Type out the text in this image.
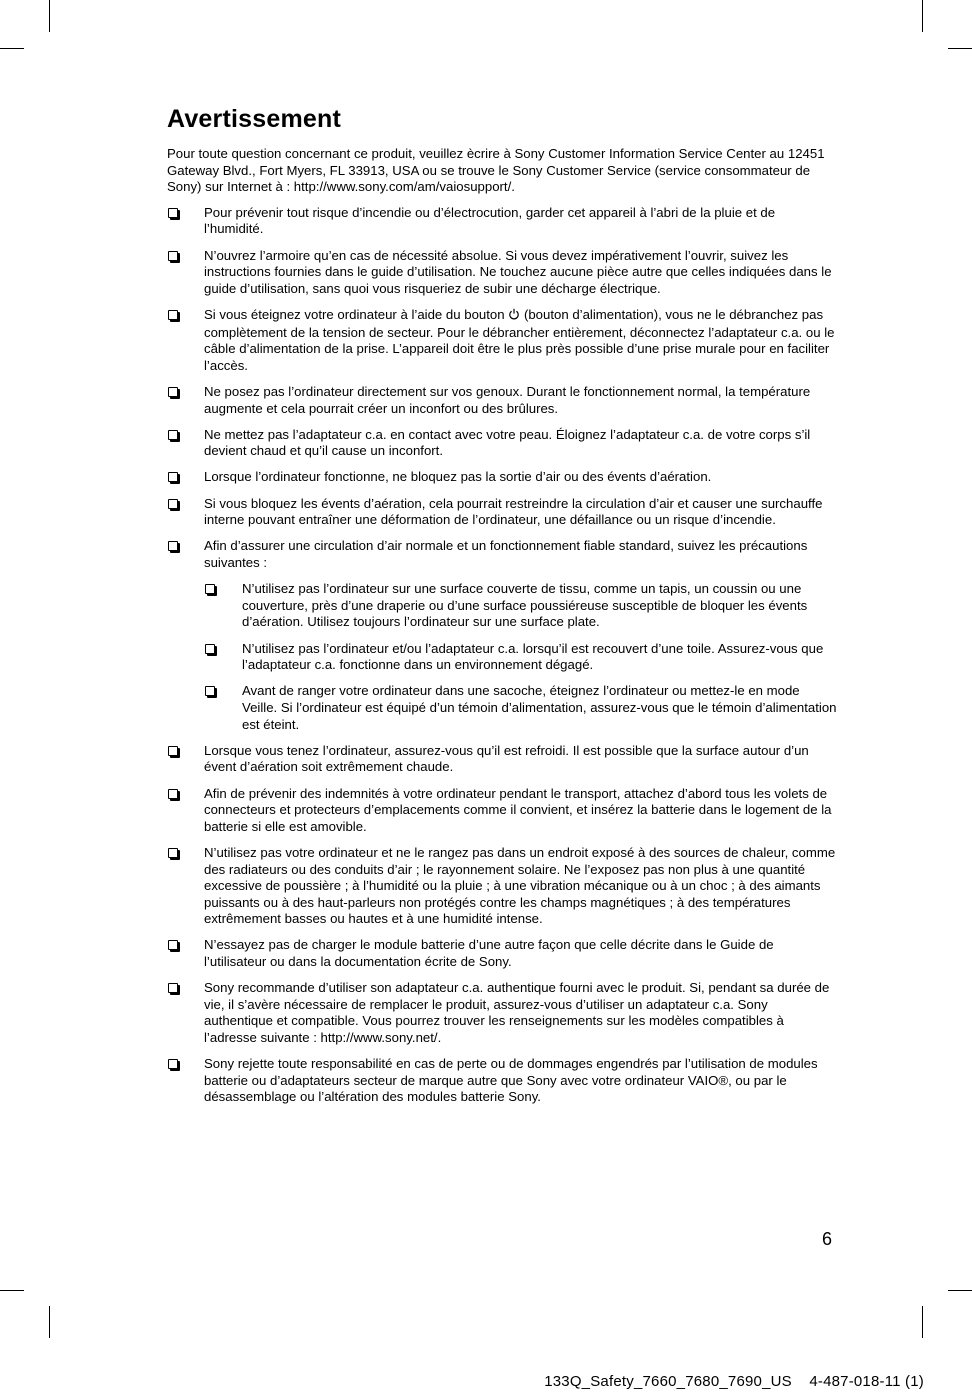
Avertissement

Pour toute question concernant ce produit, veuillez ècrire à Sony Customer Information Service Center au 12451 Gateway Blvd., Fort Myers, FL 33913, USA ou se trouve le Sony Customer Service (service consommateur de Sony) sur Internet à : http://www.sony.com/am/vaiosupport/.

Pour prévenir tout risque d’incendie ou d’électrocution, garder cet appareil à l’abri de la pluie et de l’humidité.
N’ouvrez l’armoire qu’en cas de nécessité absolue. Si vous devez impérativement l’ouvrir, suivez les instructions fournies dans le guide d’utilisation. Ne touchez aucune pièce autre que celles indiquées dans le guide d’utilisation, sans quoi vous risqueriez de subir une décharge électrique.
Si vous éteignez votre ordinateur à l’aide du bouton (bouton d’alimentation), vous ne le débranchez pas complètement de la tension de secteur. Pour le débrancher entièrement, déconnectez l’adaptateur c.a. ou le câble d’alimentation de la prise. L’appareil doit être le plus près possible d’une prise murale pour en faciliter l’accès.
Ne posez pas l’ordinateur directement sur vos genoux. Durant le fonctionnement normal, la température augmente et cela pourrait créer un inconfort ou des brûlures.
Ne mettez pas l’adaptateur c.a. en contact avec votre peau. Éloignez l’adaptateur c.a. de votre corps s’il devient chaud et qu’il cause un inconfort.
Lorsque l’ordinateur fonctionne, ne bloquez pas la sortie d’air ou des évents d’aération.
Si vous bloquez les évents d’aération, cela pourrait restreindre la circulation d’air et causer une surchauffe interne pouvant entraîner une déformation de l’ordinateur, une défaillance ou un risque d’incendie.
Afin d’assurer une circulation d’air normale et un fonctionnement fiable standard, suivez les précautions suivantes :
N’utilisez pas l’ordinateur sur une surface couverte de tissu, comme un tapis, un coussin ou une couverture, près d’une draperie ou d’une surface poussiéreuse susceptible de bloquer les évents d’aération. Utilisez toujours l’ordinateur sur une surface plate.
N’utilisez pas l’ordinateur et/ou l’adaptateur c.a. lorsqu’il est recouvert d’une toile. Assurez-vous que l’adaptateur c.a. fonctionne dans un environnement dégagé.
Avant de ranger votre ordinateur dans une sacoche, éteignez l’ordinateur ou mettez-le en mode Veille. Si l’ordinateur est équipé d’un témoin d’alimentation, assurez-vous que le témoin d’alimentation est éteint.
Lorsque vous tenez l’ordinateur, assurez-vous qu’il est refroidi. Il est possible que la surface autour d’un évent d’aération soit extrêmement chaude.
Afin de prévenir des indemnités à votre ordinateur pendant le transport, attachez d’abord tous les volets de connecteurs et protecteurs d’emplacements comme il convient, et insérez la batterie dans le logement de la batterie si elle est amovible.
N’utilisez pas votre ordinateur et ne le rangez pas dans un endroit exposé à des sources de chaleur, comme des radiateurs ou des conduits d’air ; le rayonnement solaire. Ne l’exposez pas non plus à une quantité excessive de poussière ; à l’humidité ou la pluie ; à une vibration mécanique ou à un choc ; à des aimants puissants ou à des haut-parleurs non protégés contre les champs magnétiques ; à des températures extrêmement basses ou hautes et à une humidité intense.
N’essayez pas de charger le module batterie d’une autre façon que celle décrite dans le Guide de l’utilisateur ou dans la documentation écrite de Sony.
Sony recommande d’utiliser son adaptateur c.a. authentique fourni avec le produit. Si, pendant sa durée de vie, il s’avère nécessaire de remplacer le produit, assurez-vous d’utiliser un adaptateur c.a. Sony authentique et compatible. Vous pourrez trouver les renseignements sur les modèles compatibles à l’adresse suivante : http://www.sony.net/.
Sony rejette toute responsabilité en cas de perte ou de dommages engendrés par l’utilisation de modules batterie ou d’adaptateurs secteur de marque autre que Sony avec votre ordinateur VAIO®, ou par le désassemblage ou l’altération des modules batterie Sony.
6
133Q_Safety_7660_7680_7690_US    4-487-018-11 (1)
